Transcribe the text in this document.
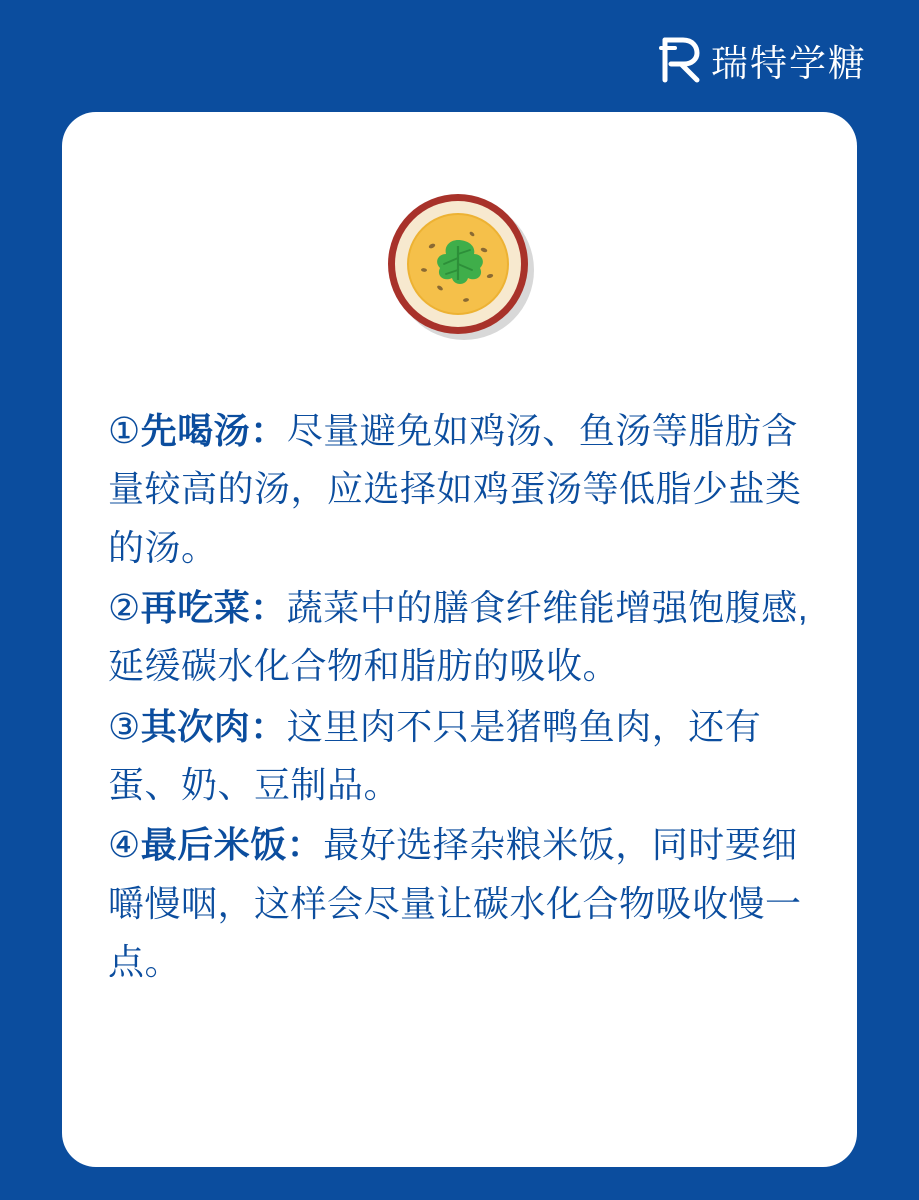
瑞特学糖

①先喝汤：尽量避免如鸡汤、鱼汤等脂肪含量较高的汤，应选择如鸡蛋汤等低脂少盐类的汤。

②再吃菜：蔬菜中的膳食纤维能增强饱腹感,延缓碳水化合物和脂肪的吸收。

③其次肉：这里肉不只是猪鸭鱼肉，还有蛋、奶、豆制品。

④最后米饭：最好选择杂粮米饭，同时要细嚼慢咽，这样会尽量让碳水化合物吸收慢一点。
